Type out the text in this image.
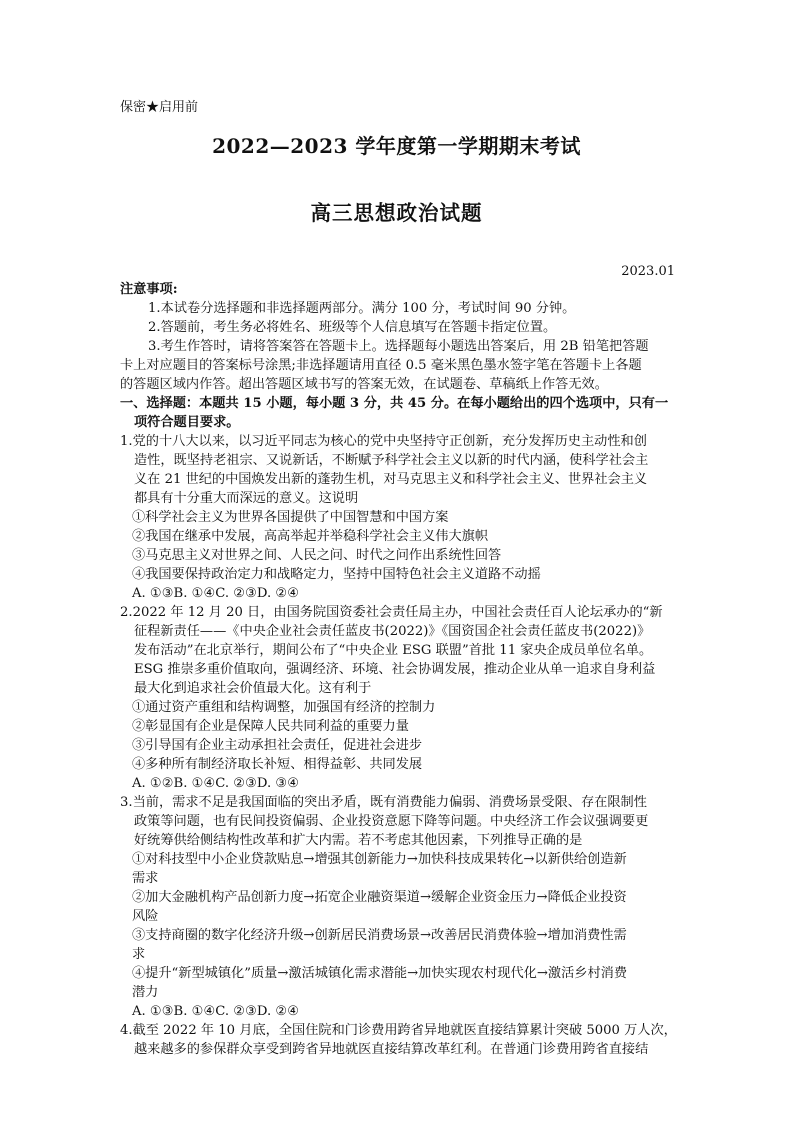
保密★启用前
2022—2023 学年度第一学期期末考试
高三思想政治试题
2023.01
注意事项:
1.本试卷分选择题和非选择题两部分。满分 100 分，考试时间 90 分钟。
2.答题前，考生务必将姓名、班级等个人信息填写在答题卡指定位置。
3.考生作答时，请将答案答在答题卡上。选择题每小题选出答案后，用 2B 铅笔把答题
卡上对应题目的答案标号涂黑;非选择题请用直径 0.5 毫米黑色墨水签字笔在答题卡上各题
的答题区域内作答。超出答题区域书写的答案无效，在试题卷、草稿纸上作答无效。
一、选择题：本题共 15 小题，每小题 3 分，共 45 分。在每小题给出的四个选项中，只有一
项符合题目要求。
1.党的十八大以来，以习近平同志为核心的党中央坚持守正创新，充分发挥历史主动性和创
造性，既坚持老祖宗、又说新话，不断赋予科学社会主义以新的时代内涵，使科学社会主
义在 21 世纪的中国焕发出新的蓬勃生机，对马克思主义和科学社会主义、世界社会主义
都具有十分重大而深远的意义。这说明
①科学社会主义为世界各国提供了中国智慧和中国方案
②我国在继承中发展，高高举起并举稳科学社会主义伟大旗帜
③马克思主义对世界之间、人民之问、时代之问作出系统性回答
④我国要保持政治定力和战略定力，坚持中国特色社会主义道路不动摇
A. ①③B. ①④C. ②③D. ②④
2.2022 年 12 月 20 日，由国务院国资委社会责任局主办，中国社会责任百人论坛承办的“新
征程新责任——《中央企业社会责任蓝皮书(2022)》《国资国企社会责任蓝皮书(2022)》
发布活动”在北京举行，期间公布了“中央企业 ESG 联盟”首批 11 家央企成员单位名单。
ESG 推崇多重价值取向，强调经济、环境、社会协调发展，推动企业从单一追求自身利益
最大化到追求社会价值最大化。这有利于
①通过资产重组和结构调整，加强国有经济的控制力
②彰显国有企业是保障人民共同利益的重要力量
③引导国有企业主动承担社会责任，促进社会进步
④多种所有制经济取长补短、相得益彰、共同发展
A. ①②B. ①④C. ②③D. ③④
3.当前，需求不足是我国面临的突出矛盾，既有消费能力偏弱、消费场景受限、存在限制性
政策等问题，也有民间投资偏弱、企业投资意愿下降等问题。中央经济工作会议强调要更
好统筹供给侧结构性改革和扩大内需。若不考虑其他因素，下列推导正确的是
①对科技型中小企业贷款贴息→增强其创新能力→加快科技成果转化→以新供给创造新
需求
②加大金融机构产品创新力度→拓宽企业融资渠道→缓解企业资金压力→降低企业投资
风险
③支持商圈的数字化经济升级→创新居民消费场景→改善居民消费体验→增加消费性需
求
④提升“新型城镇化”质量→激活城镇化需求潜能→加快实现农村现代化→激活乡村消费
潜力
A. ①③B. ①④C. ②③D. ②④
4.截至 2022 年 10 月底，全国住院和门诊费用跨省异地就医直接结算累计突破 5000 万人次，
越来越多的参保群众享受到跨省异地就医直接结算改革红利。在普通门诊费用跨省直接结
